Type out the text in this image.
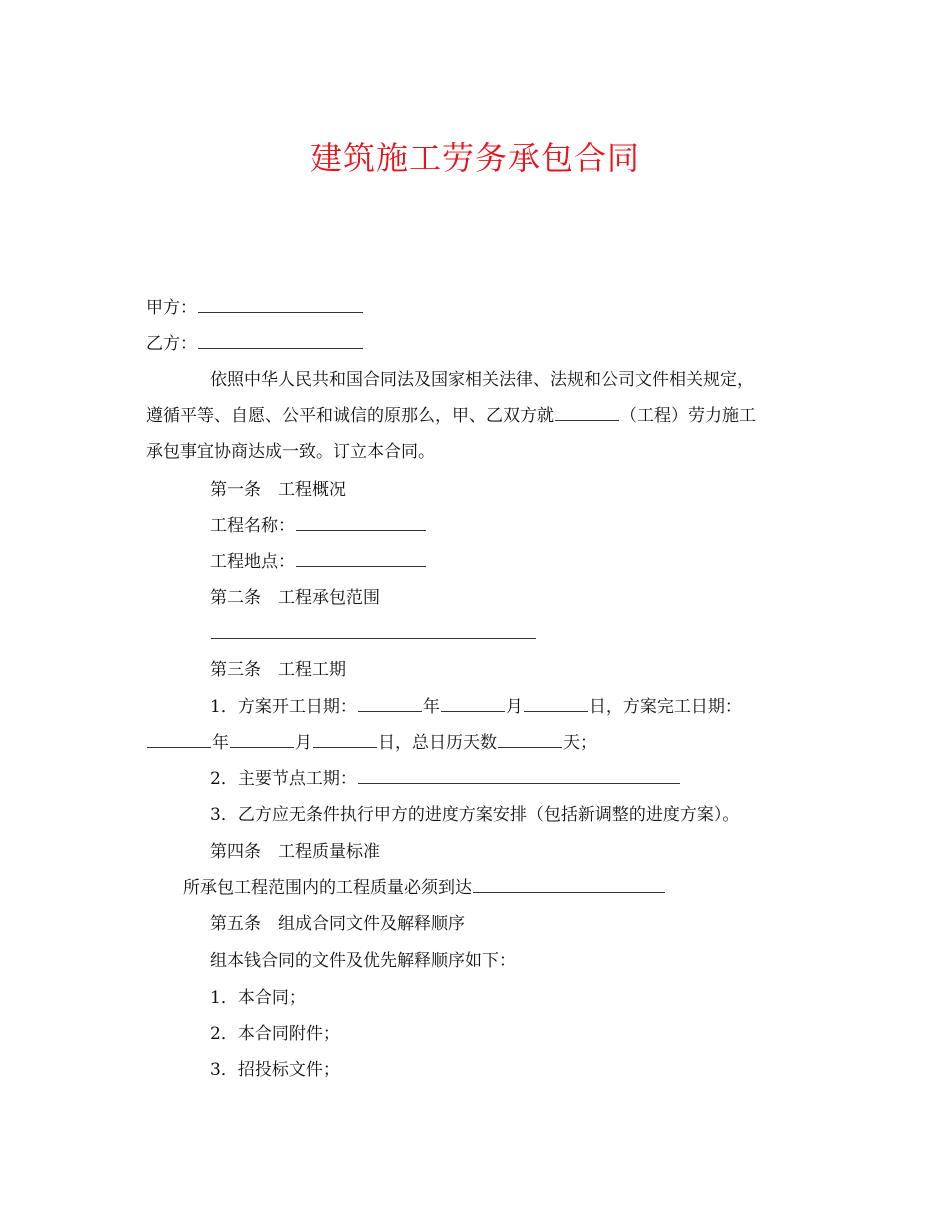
建筑施工劳务承包合同
甲方：
乙方：
依照中华人民共和国合同法及国家相关法律、法规和公司文件相关规定，
遵循平等、自愿、公平和诚信的原那么，甲、乙双方就	（工程）劳力施工
承包事宜协商达成一致。订立本合同。
第一条　工程概况
工程名称：
工程地点：
第二条　工程承包范围
第三条　工程工期
1．方案开工日期：	年	月	日，方案完工日期：
年	月	日，总日历天数	天；
2．主要节点工期：
3．乙方应无条件执行甲方的进度方案安排（包括新调整的进度方案）。
第四条　工程质量标准
所承包工程范围内的工程质量必须到达
第五条　组成合同文件及解释顺序
组本钱合同的文件及优先解释顺序如下：
1．本合同；
2．本合同附件；
3．招投标文件；
